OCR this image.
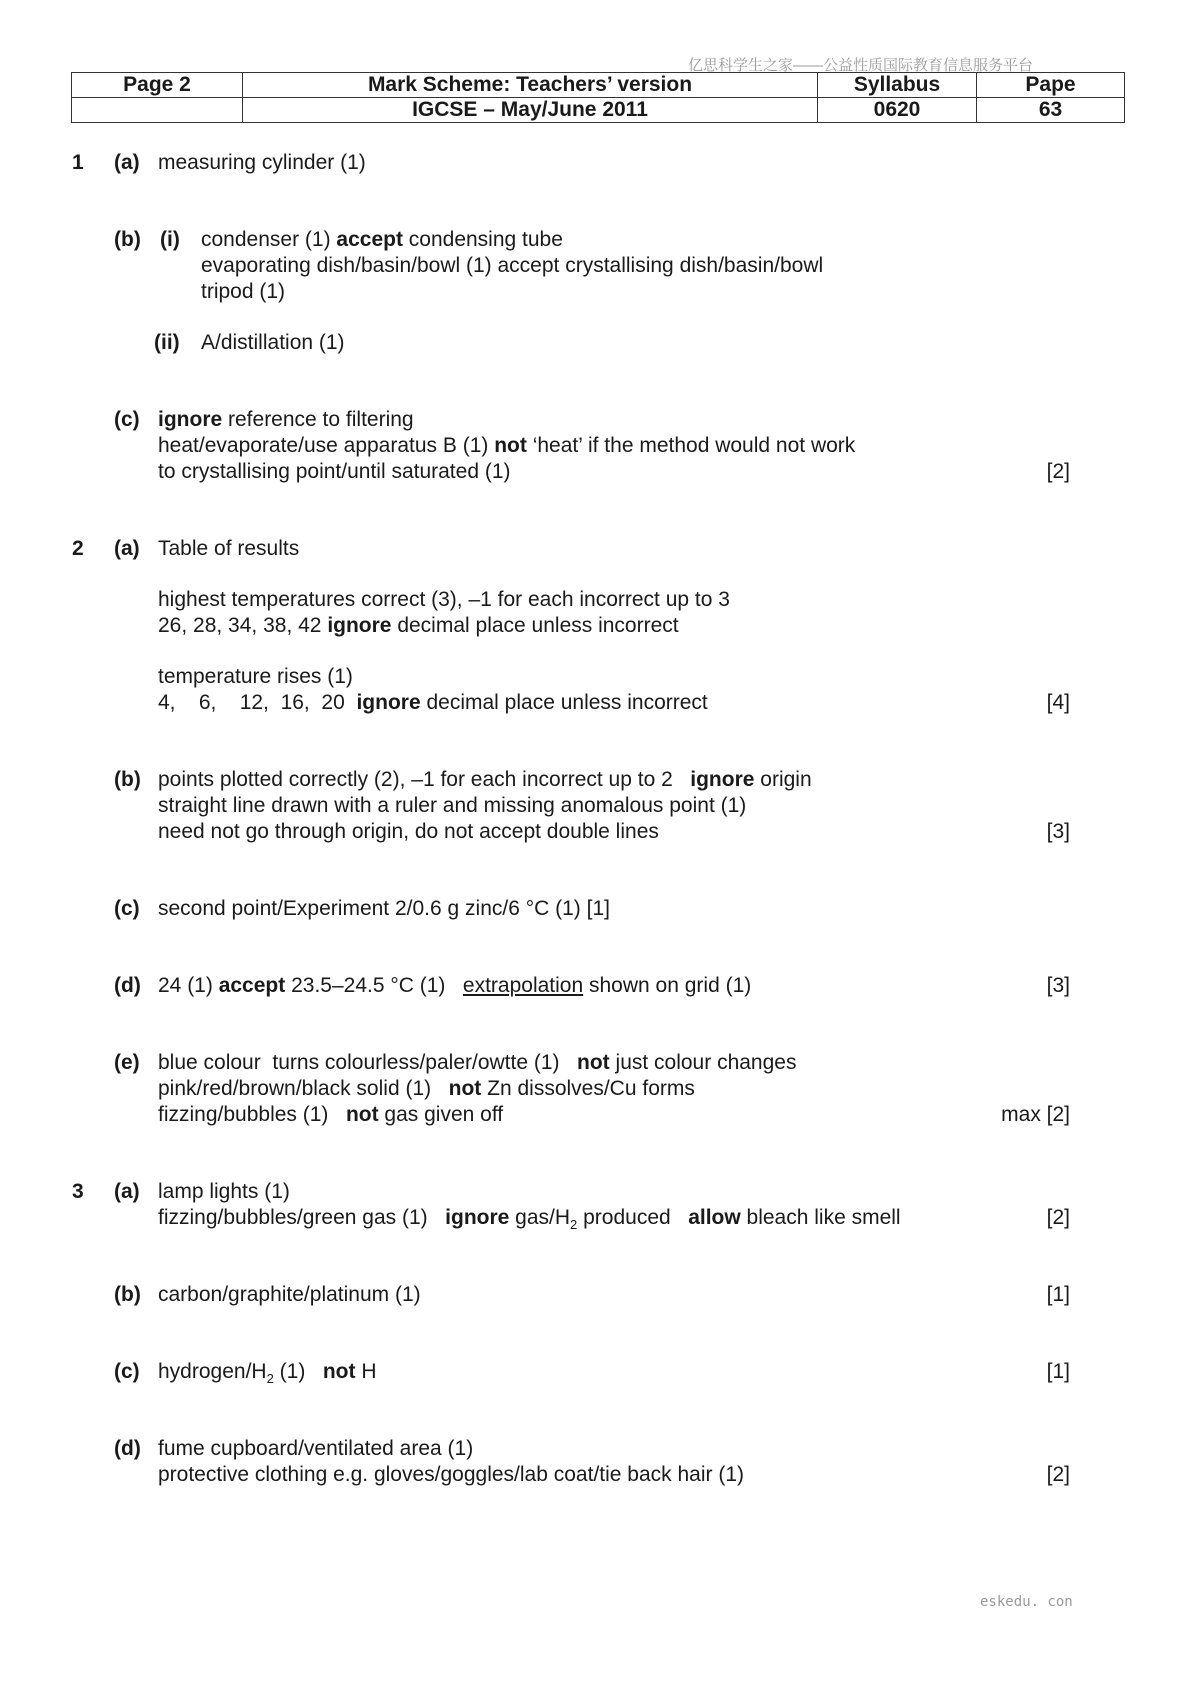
亿思科学生之家——公益性质国际教育信息服务平台
Page 2	Mark Scheme: Teachers’ version	Syllabus	Pape
	IGCSE – May/June 2011	0620	63
1 (a) measuring cylinder (1)
(b) (i) condenser (1) accept condensing tube
evaporating dish/basin/bowl (1) accept crystallising dish/basin/bowl
tripod (1)
(ii) A/distillation (1)
(c) ignore reference to filtering
heat/evaporate/use apparatus B (1) not ‘heat’ if the method would not work
to crystallising point/until saturated (1)	[2]
2 (a) Table of results
highest temperatures correct (3), –1 for each incorrect up to 3
26, 28, 34, 38, 42 ignore decimal place unless incorrect
temperature rises (1)
4,    6,    12,  16,  20  ignore decimal place unless incorrect	[4]
(b) points plotted correctly (2), –1 for each incorrect up to 2   ignore origin
straight line drawn with a ruler and missing anomalous point (1)
need not go through origin, do not accept double lines	[3]
(c) second point/Experiment 2/0.6 g zinc/6 °C (1) [1]
(d) 24 (1) accept 23.5–24.5 °C (1)   extrapolation shown on grid (1)	[3]
(e) blue colour  turns colourless/paler/owtte (1)   not just colour changes
pink/red/brown/black solid (1)   not Zn dissolves/Cu forms
fizzing/bubbles (1)   not gas given off	max [2]
3 (a) lamp lights (1)
fizzing/bubbles/green gas (1)   ignore gas/$H_2$ produced   allow bleach like smell	[2]
(b) carbon/graphite/platinum (1)	[1]
(c) hydrogen/$H_2$ (1)   not H	[1]
(d) fume cupboard/ventilated area (1)
protective clothing e.g. gloves/goggles/lab coat/tie back hair (1)	[2]
eskedu. con
